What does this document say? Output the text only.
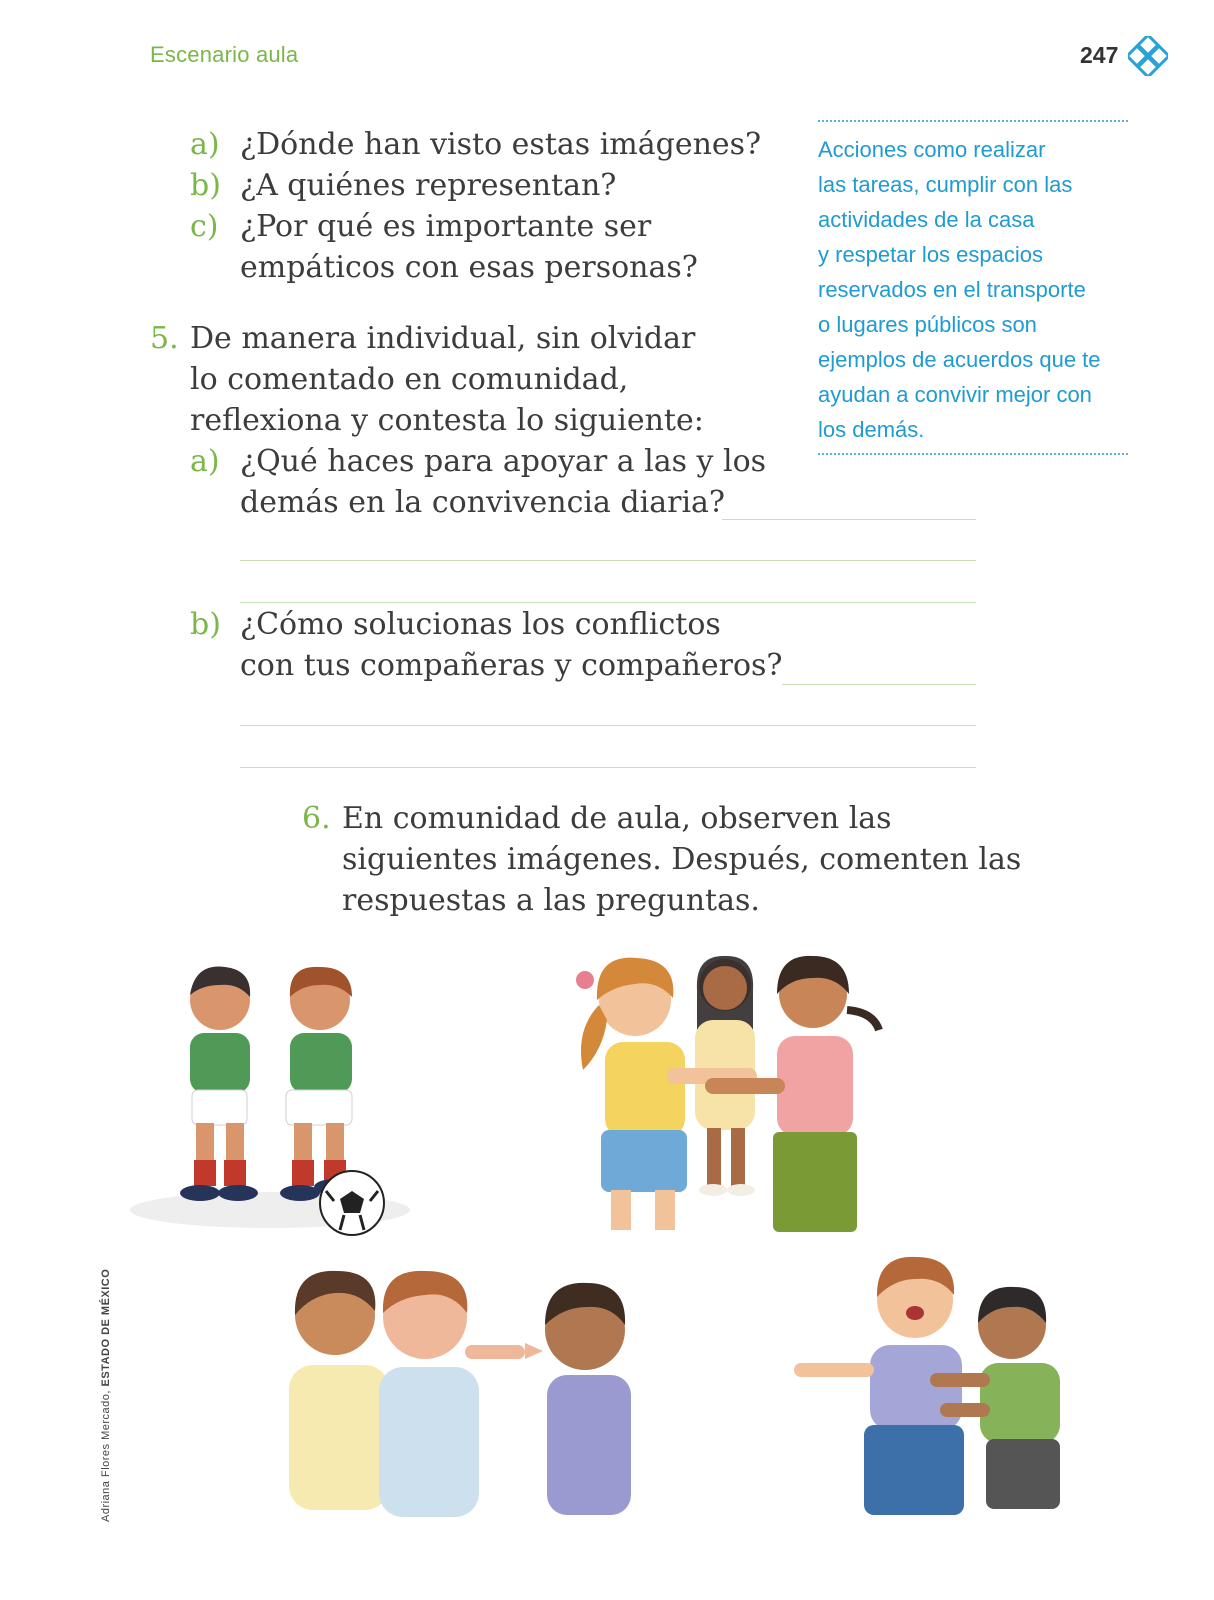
Escenario aula	247
a) ¿Dónde han visto estas imágenes?
b) ¿A quiénes representan?
c) ¿Por qué es importante ser
empáticos con esas personas?
5. De manera individual, sin olvidar
lo comentado en comunidad,
reflexiona y contesta lo siguiente:
a) ¿Qué haces para apoyar a las y los
demás en la convivencia diaria?
b) ¿Cómo solucionas los conflictos
con tus compañeras y compañeros?
Acciones como realizar
las tareas, cumplir con las
actividades de la casa
y respetar los espacios
reservados en el transporte
o lugares públicos son
ejemplos de acuerdos que te
ayudan a convivir mejor con
los demás.
6. En comunidad de aula, observen las
siguientes imágenes. Después, comenten las
respuestas a las preguntas.
Adriana Flores Mercado, ESTADO DE MÉXICO
